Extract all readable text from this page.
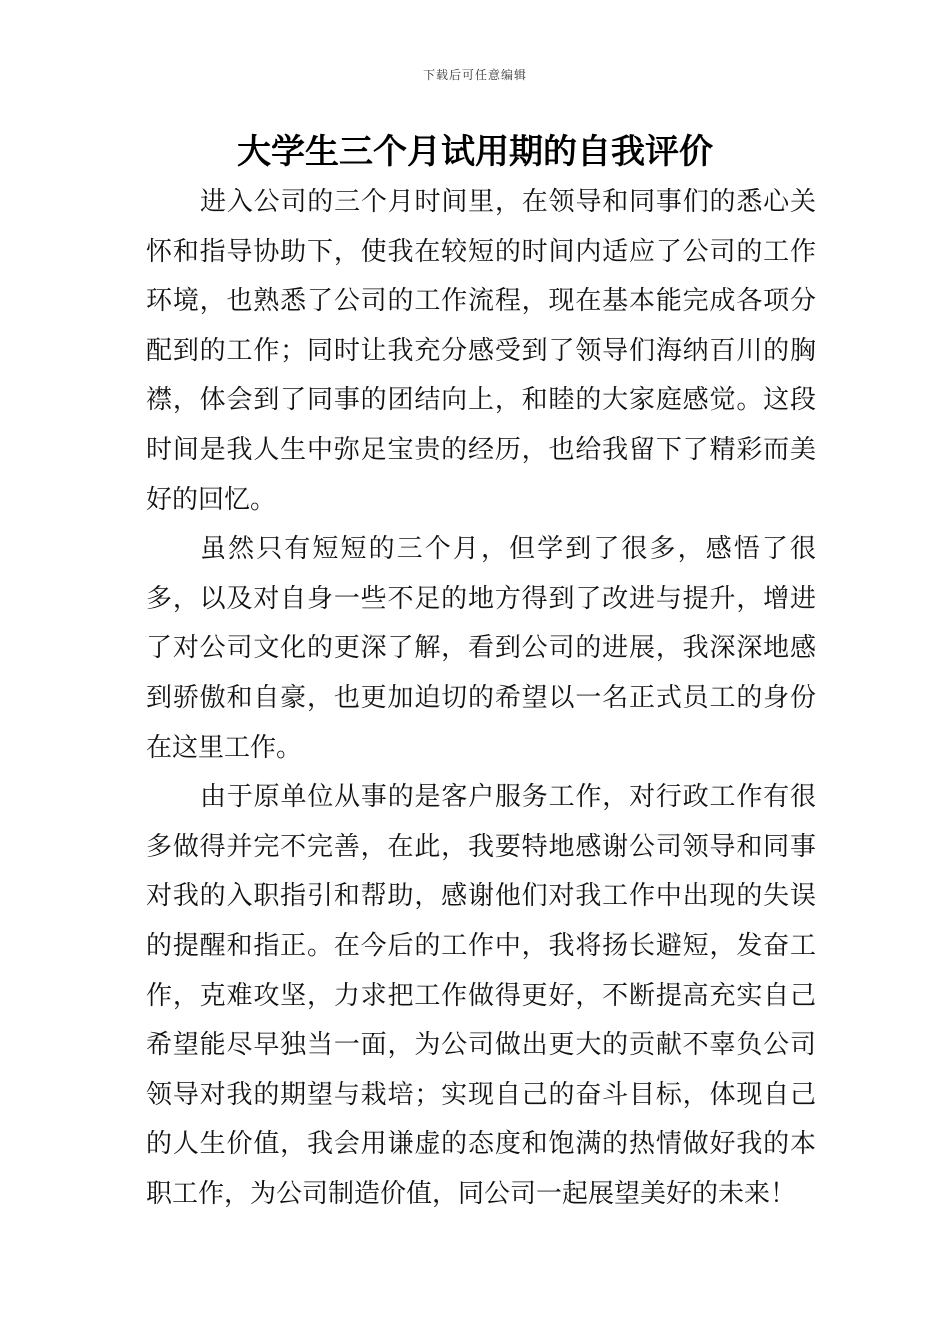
下载后可任意编辑
大学生三个月试用期的自我评价

进入公司的三个月时间里，在领导和同事们的悉心关怀和指导协助下，使我在较短的时间内适应了公司的工作环境，也熟悉了公司的工作流程，现在基本能完成各项分配到的工作；同时让我充分感受到了领导们海纳百川的胸襟，体会到了同事的团结向上，和睦的大家庭感觉。这段时间是我人生中弥足宝贵的经历，也给我留下了精彩而美好的回忆。

虽然只有短短的三个月，但学到了很多，感悟了很多，以及对自身一些不足的地方得到了改进与提升，增进了对公司文化的更深了解，看到公司的进展，我深深地感到骄傲和自豪，也更加迫切的希望以一名正式员工的身份在这里工作。

由于原单位从事的是客户服务工作，对行政工作有很多做得并完不完善，在此，我要特地感谢公司领导和同事对我的入职指引和帮助，感谢他们对我工作中出现的失误的提醒和指正。在今后的工作中，我将扬长避短，发奋工作，克难攻坚，力求把工作做得更好，不断提高充实自己希望能尽早独当一面，为公司做出更大的贡献不辜负公司领导对我的期望与栽培；实现自己的奋斗目标，体现自己的人生价值，我会用谦虚的态度和饱满的热情做好我的本职工作，为公司制造价值，同公司一起展望美好的未来！
